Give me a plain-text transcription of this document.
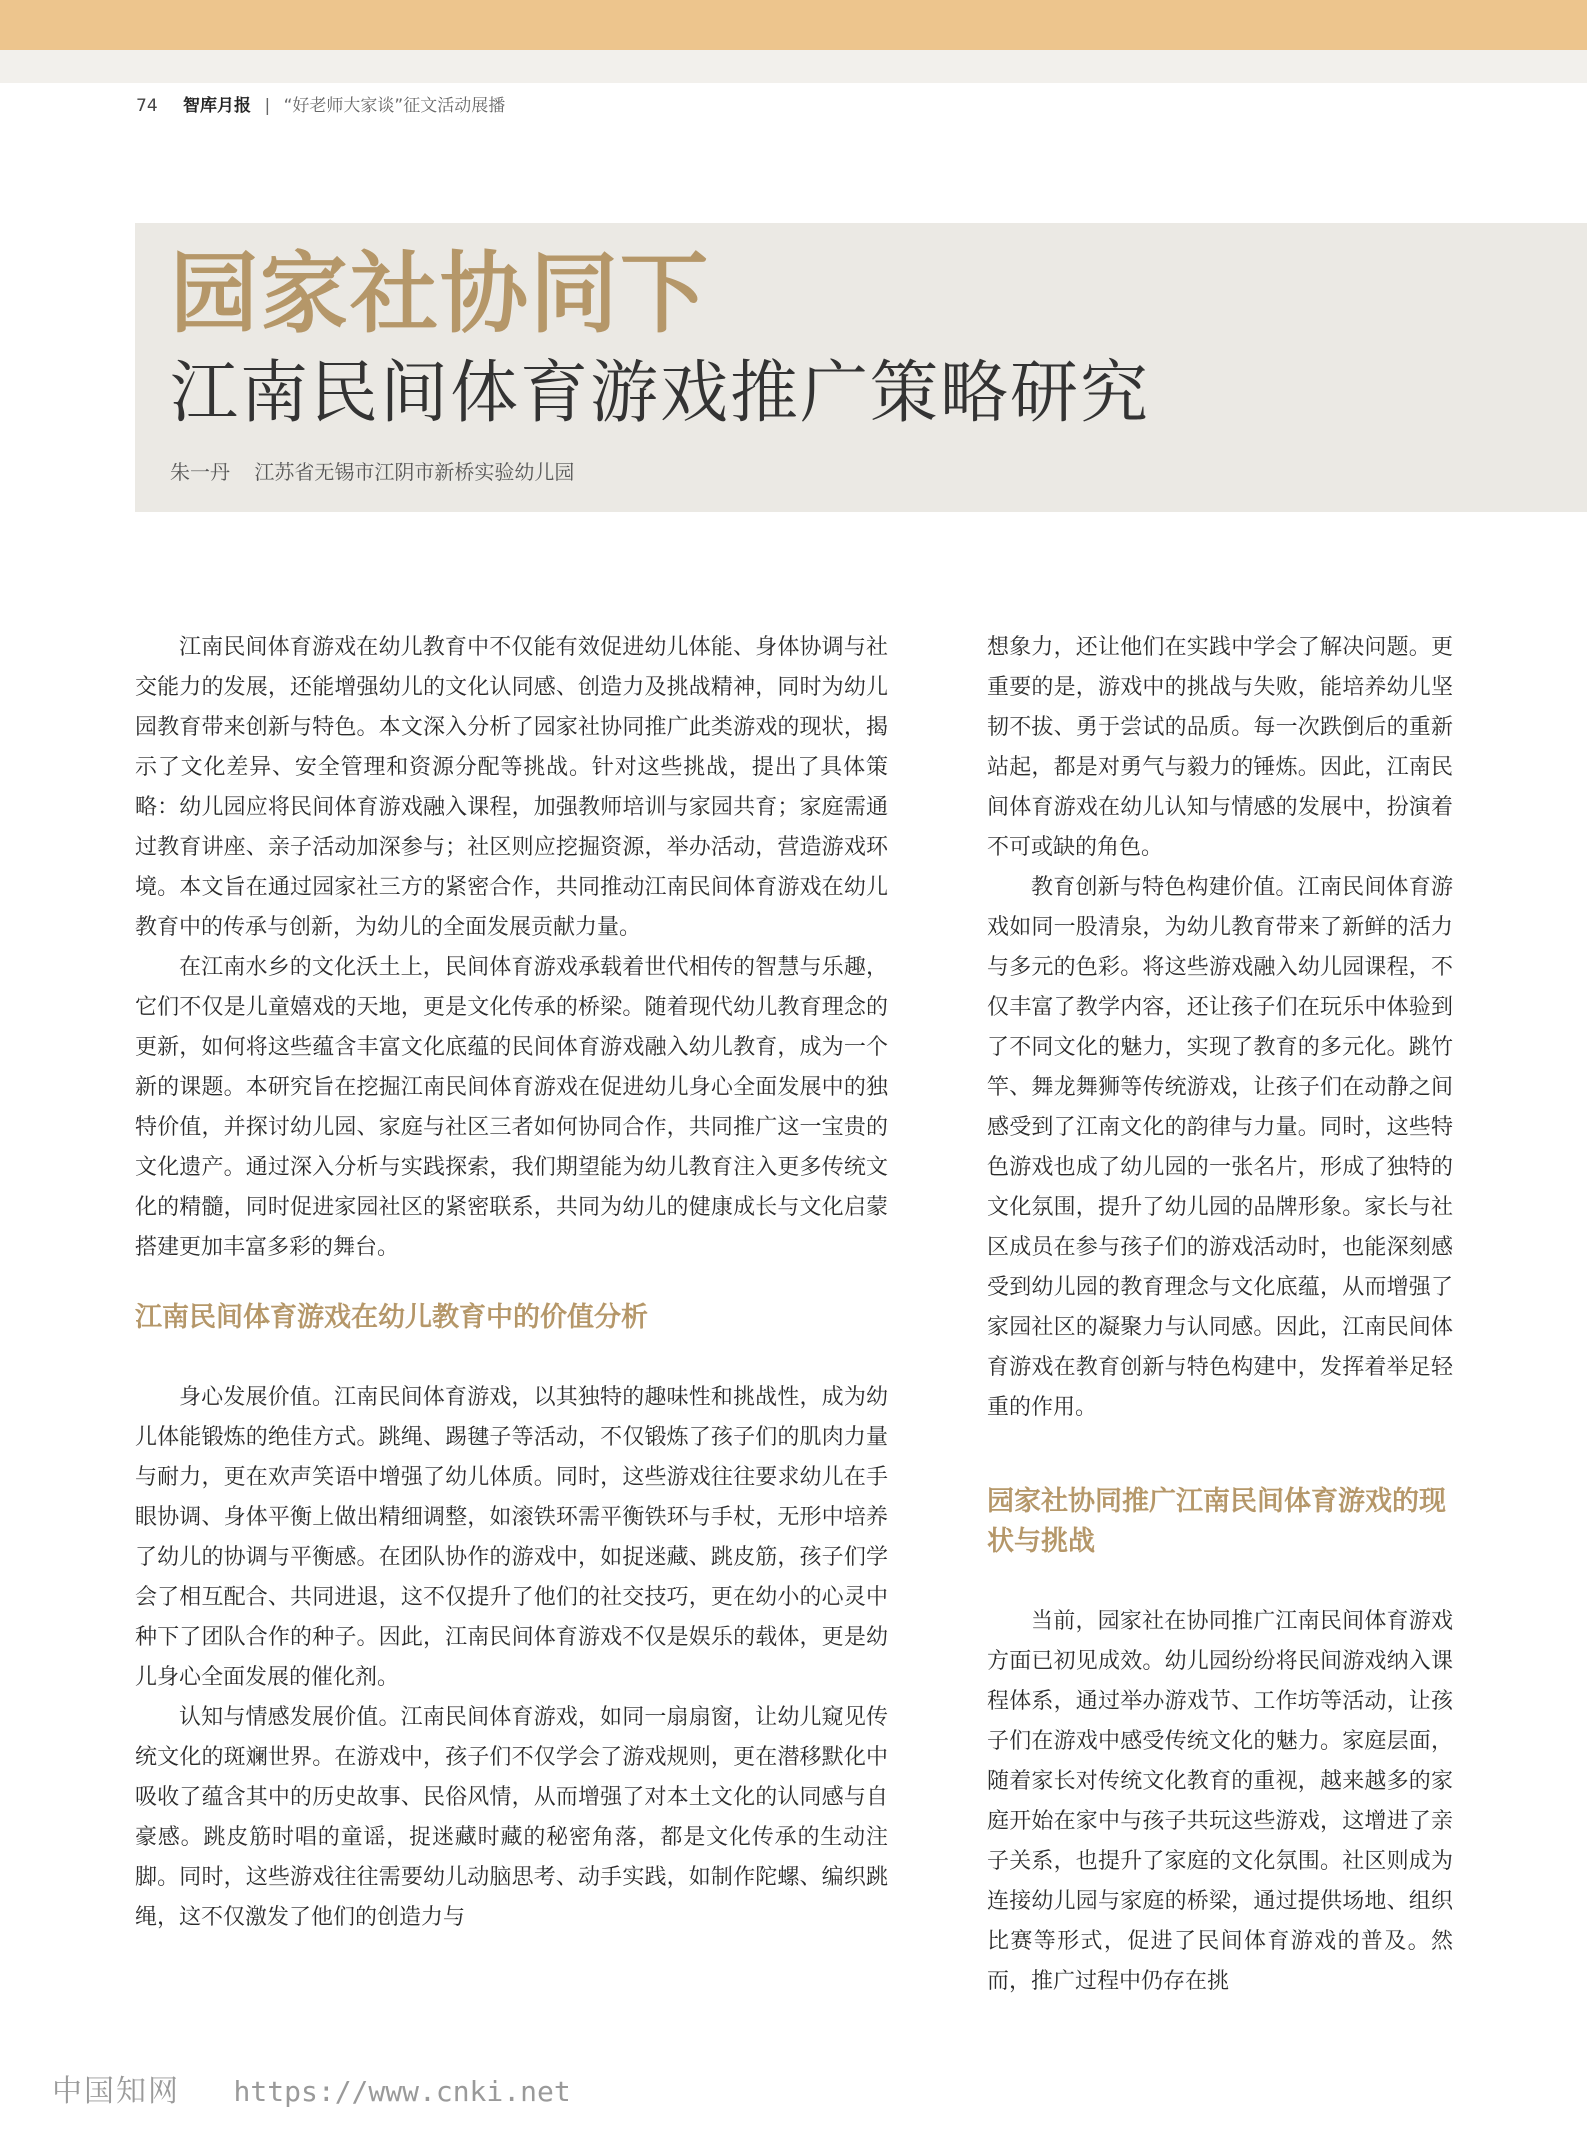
74 智库月报 | “好老师大家谈”征文活动展播
园家社协同下
江南民间体育游戏推广策略研究
朱一丹 江苏省无锡市江阴市新桥实验幼儿园

江南民间体育游戏在幼儿教育中不仅能有效促进幼儿体能、身体协调与社交能力的发展，还能增强幼儿的文化认同感、创造力及挑战精神，同时为幼儿园教育带来创新与特色。本文深入分析了园家社协同推广此类游戏的现状，揭示了文化差异、安全管理和资源分配等挑战。针对这些挑战，提出了具体策略：幼儿园应将民间体育游戏融入课程，加强教师培训与家园共育；家庭需通过教育讲座、亲子活动加深参与；社区则应挖掘资源，举办活动，营造游戏环境。本文旨在通过园家社三方的紧密合作，共同推动江南民间体育游戏在幼儿教育中的传承与创新，为幼儿的全面发展贡献力量。

在江南水乡的文化沃土上，民间体育游戏承载着世代相传的智慧与乐趣，它们不仅是儿童嬉戏的天地，更是文化传承的桥梁。随着现代幼儿教育理念的更新，如何将这些蕴含丰富文化底蕴的民间体育游戏融入幼儿教育，成为一个新的课题。本研究旨在挖掘江南民间体育游戏在促进幼儿身心全面发展中的独特价值，并探讨幼儿园、家庭与社区三者如何协同合作，共同推广这一宝贵的文化遗产。通过深入分析与实践探索，我们期望能为幼儿教育注入更多传统文化的精髓，同时促进家园社区的紧密联系，共同为幼儿的健康成长与文化启蒙搭建更加丰富多彩的舞台。

江南民间体育游戏在幼儿教育中的价值分析

身心发展价值。江南民间体育游戏，以其独特的趣味性和挑战性，成为幼儿体能锻炼的绝佳方式。跳绳、踢毽子等活动，不仅锻炼了孩子们的肌肉力量与耐力，更在欢声笑语中增强了幼儿体质。同时，这些游戏往往要求幼儿在手眼协调、身体平衡上做出精细调整，如滚铁环需平衡铁环与手杖，无形中培养了幼儿的协调与平衡感。在团队协作的游戏中，如捉迷藏、跳皮筋，孩子们学会了相互配合、共同进退，这不仅提升了他们的社交技巧，更在幼小的心灵中种下了团队合作的种子。因此，江南民间体育游戏不仅是娱乐的载体，更是幼儿身心全面发展的催化剂。

认知与情感发展价值。江南民间体育游戏，如同一扇扇窗，让幼儿窥见传统文化的斑斓世界。在游戏中，孩子们不仅学会了游戏规则，更在潜移默化中吸收了蕴含其中的历史故事、民俗风情，从而增强了对本土文化的认同感与自豪感。跳皮筋时唱的童谣，捉迷藏时藏的秘密角落，都是文化传承的生动注脚。同时，这些游戏往往需要幼儿动脑思考、动手实践，如制作陀螺、编织跳绳，这不仅激发了他们的创造力与

想象力，还让他们在实践中学会了解决问题。更重要的是，游戏中的挑战与失败，能培养幼儿坚韧不拔、勇于尝试的品质。每一次跌倒后的重新站起，都是对勇气与毅力的锤炼。因此，江南民间体育游戏在幼儿认知与情感的发展中，扮演着不可或缺的角色。

教育创新与特色构建价值。江南民间体育游戏如同一股清泉，为幼儿教育带来了新鲜的活力与多元的色彩。将这些游戏融入幼儿园课程，不仅丰富了教学内容，还让孩子们在玩乐中体验到了不同文化的魅力，实现了教育的多元化。跳竹竿、舞龙舞狮等传统游戏，让孩子们在动静之间感受到了江南文化的韵律与力量。同时，这些特色游戏也成了幼儿园的一张名片，形成了独特的文化氛围，提升了幼儿园的品牌形象。家长与社区成员在参与孩子们的游戏活动时，也能深刻感受到幼儿园的教育理念与文化底蕴，从而增强了家园社区的凝聚力与认同感。因此，江南民间体育游戏在教育创新与特色构建中，发挥着举足轻重的作用。

园家社协同推广江南民间体育游戏的现状与挑战

当前，园家社在协同推广江南民间体育游戏方面已初见成效。幼儿园纷纷将民间游戏纳入课程体系，通过举办游戏节、工作坊等活动，让孩子们在游戏中感受传统文化的魅力。家庭层面，随着家长对传统文化教育的重视，越来越多的家庭开始在家中与孩子共玩这些游戏，这增进了亲子关系，也提升了家庭的文化氛围。社区则成为连接幼儿园与家庭的桥梁，通过提供场地、组织比赛等形式，促进了民间体育游戏的普及。然而，推广过程中仍存在挑

中国知网 https://www.cnki.net
